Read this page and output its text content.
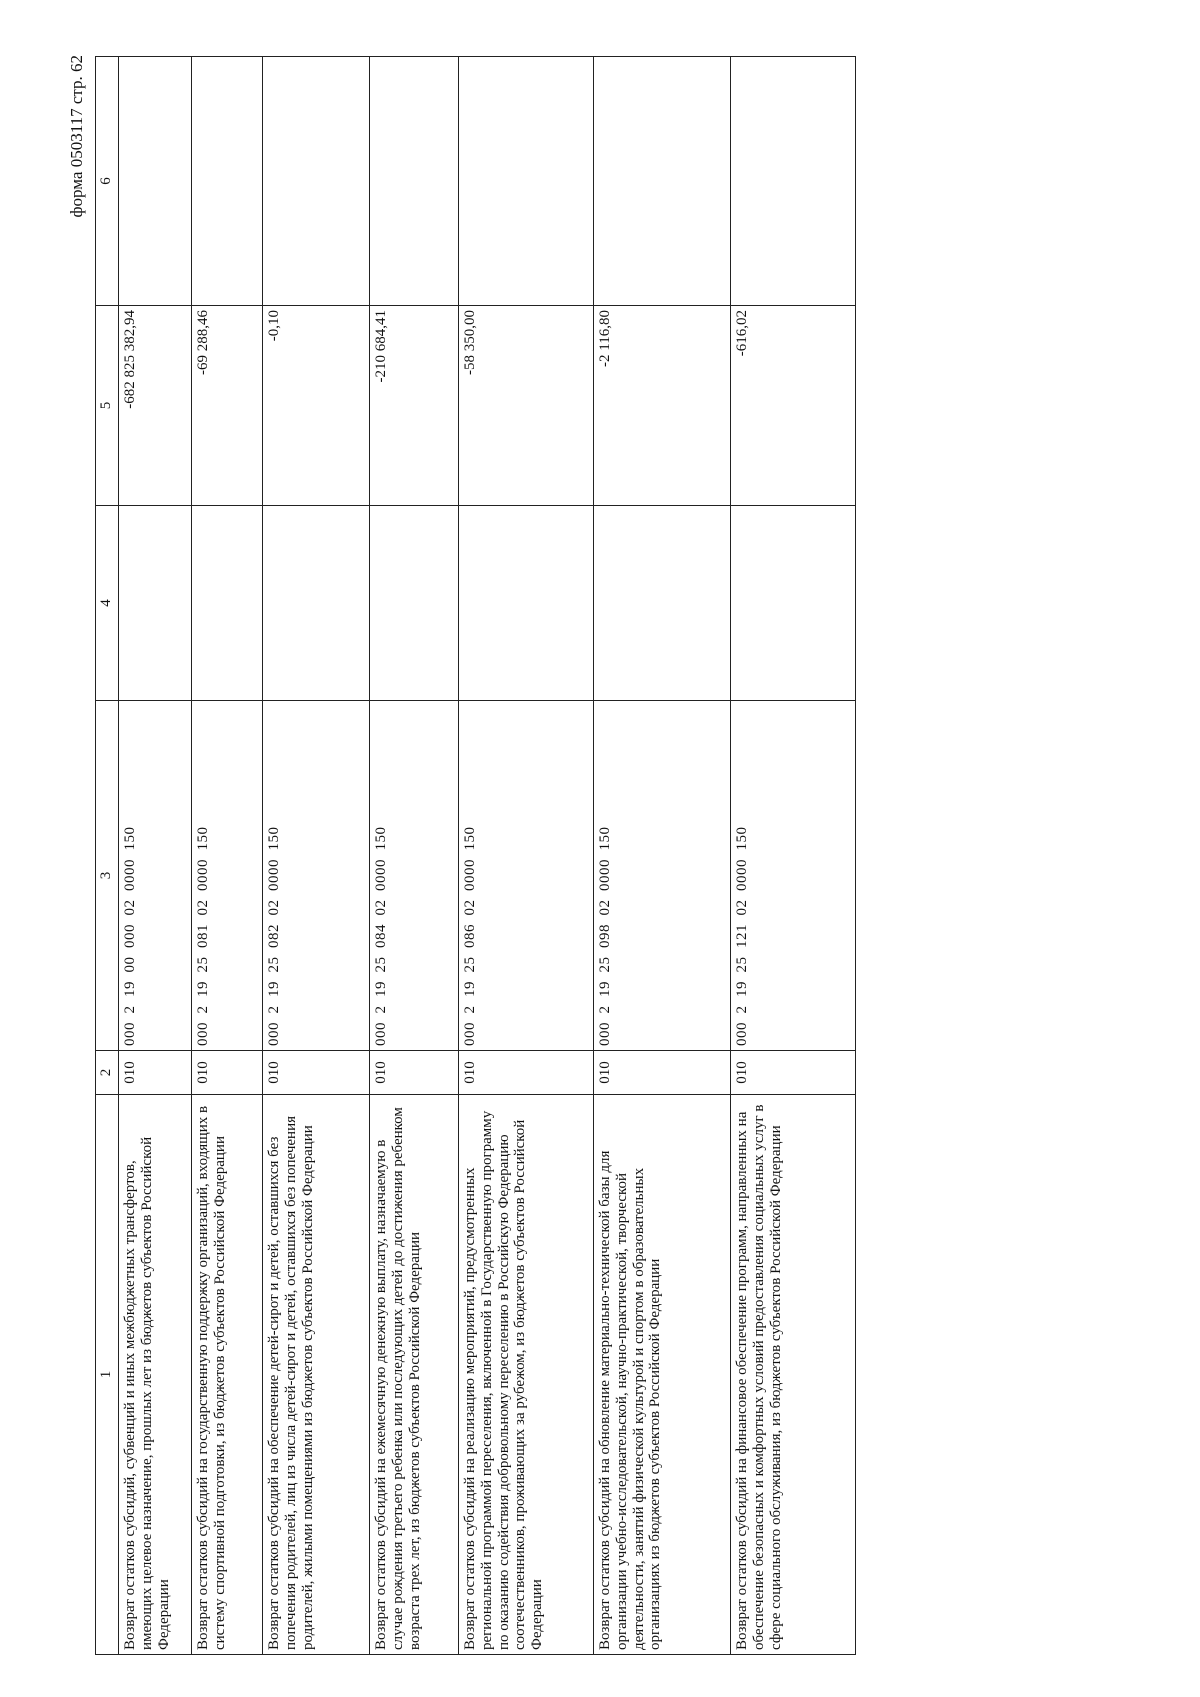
форма 0503117 стр. 62
1	2	3	4	5	6
Возврат остатков субсидий, субвенций и иных межбюджетных трансфертов, имеющих целевое назначение, прошлых лет из бюджетов субъектов Российской Федерации	010	000  2  19  00  000  02  0000  150		-682 825 382,94	
Возврат остатков субсидий на государственную поддержку организаций, входящих в систему спортивной подготовки, из бюджетов субъектов Российской Федерации	010	000  2  19  25  081  02  0000  150		-69 288,46	
Возврат остатков субсидий на обеспечение детей-сирот и детей, оставшихся без попечения родителей, лиц из числа детей-сирот и детей, оставшихся без попечения родителей, жилыми помещениями из бюджетов субъектов Российской Федерации	010	000  2  19  25  082  02  0000  150		-0,10	
Возврат остатков субсидий на ежемесячную денежную выплату, назначаемую в случае рождения третьего ребенка или последующих детей до достижения ребенком возраста трех лет, из бюджетов субъектов Российской Федерации	010	000  2  19  25  084  02  0000  150		-210 684,41	
Возврат остатков субсидий на реализацию мероприятий, предусмотренных региональной программой переселения, включенной в Государственную программу по оказанию содействия добровольному переселению в Российскую Федерацию соотечественников, проживающих за рубежом, из бюджетов субъектов Российской Федерации	010	000  2  19  25  086  02  0000  150		-58 350,00	
Возврат остатков субсидий на обновление материально-технической базы для организации учебно-исследовательской, научно-практической, творческой деятельности, занятий физической культурой и спортом в образовательных организациях из бюджетов субъектов Российской Федерации	010	000  2  19  25  098  02  0000  150		-2 116,80	
Возврат остатков субсидий на финансовое обеспечение программ, направленных на обеспечение безопасных и комфортных условий предоставления социальных услуг в сфере социального обслуживания, из бюджетов субъектов Российской Федерации	010	000  2  19  25  121  02  0000  150		-616,02	
